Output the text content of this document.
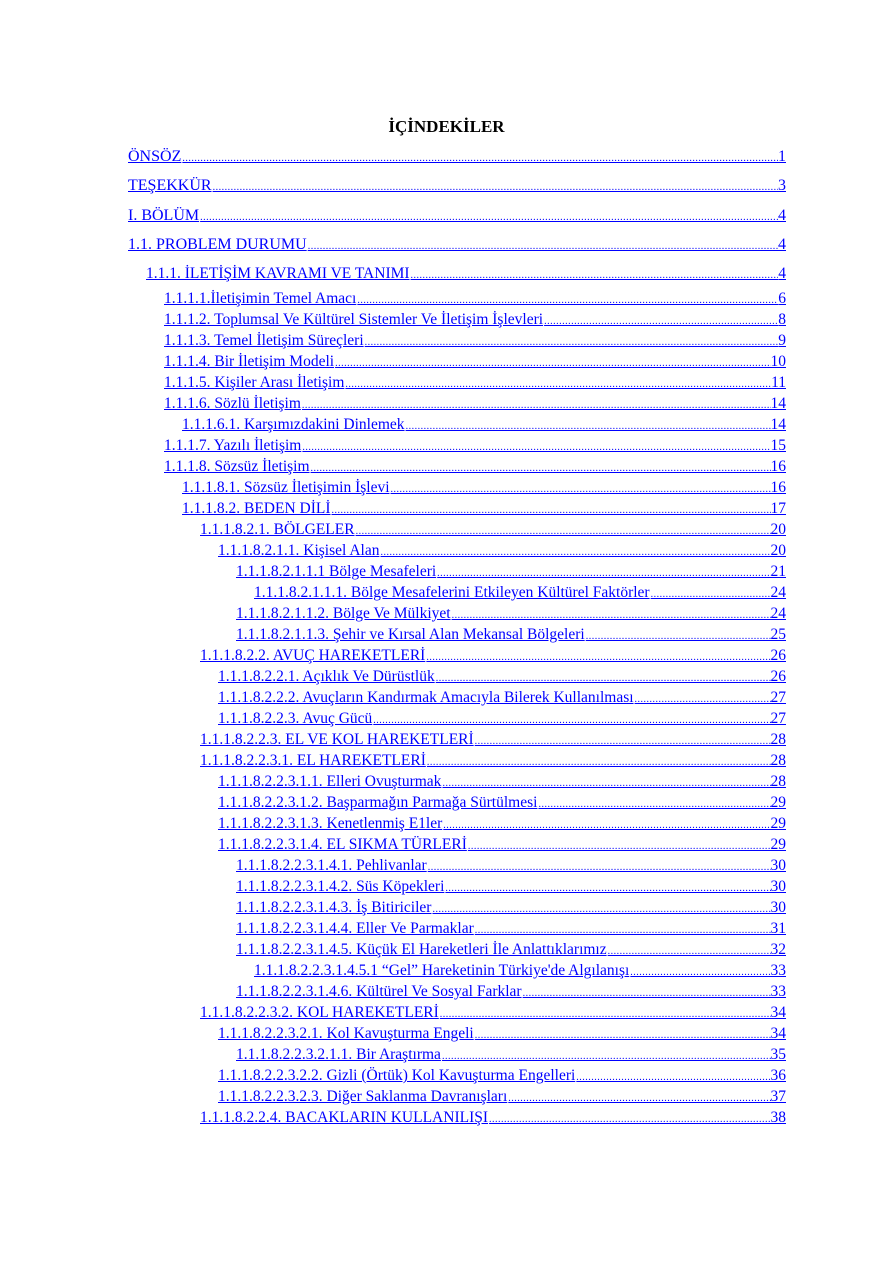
İÇİNDEKİLER
ÖNSÖZ .....	1
TEŞEKKÜR .....	3
I. BÖLÜM .....	4
1.1. PROBLEM DURUMU .....	4
1.1.1. İLETİŞİM KAVRAMI VE TANIMI .....	4
1.1.1.1.İletişimin Temel Amacı .....	6
1.1.1.2. Toplumsal Ve Kültürel Sistemler Ve İletişim İşlevleri .....	8
1.1.1.3. Temel İletişim Süreçleri .....	9
1.1.1.4. Bir İletişim Modeli .....	10
1.1.1.5. Kişiler Arası İletişim .....	11
1.1.1.6. Sözlü İletişim .....	14
1.1.1.6.1. Karşımızdakini Dinlemek .....	14
1.1.1.7. Yazılı İletişim .....	15
1.1.1.8. Sözsüz İletişim .....	16
1.1.1.8.1. Sözsüz İletişimin İşlevi .....	16
1.1.1.8.2. BEDEN DİLİ .....	17
1.1.1.8.2.1. BÖLGELER .....	20
1.1.1.8.2.1.1. Kişisel Alan .....	20
1.1.1.8.2.1.1.1 Bölge Mesafeleri .....	21
1.1.1.8.2.1.1.1. Bölge Mesafelerini Etkileyen Kültürel Faktörler .....	24
1.1.1.8.2.1.1.2. Bölge Ve Mülkiyet .....	24
1.1.1.8.2.1.1.3. Şehir ve Kırsal Alan Mekansal Bölgeleri .....	25
1.1.1.8.2.2. AVUÇ HAREKETLERİ .....	26
1.1.1.8.2.2.1. Açıklık Ve Dürüstlük .....	26
1.1.1.8.2.2.2. Avuçların Kandırmak Amacıyla Bilerek Kullanılması .....	27
1.1.1.8.2.2.3. Avuç Gücü .....	27
1.1.1.8.2.2.3. EL VE KOL HAREKETLERİ .....	28
1.1.1.8.2.2.3.1. EL HAREKETLERİ .....	28
1.1.1.8.2.2.3.1.1. Elleri Ovuşturmak .....	28
1.1.1.8.2.2.3.1.2. Başparmağın Parmağa Sürtülmesi .....	29
1.1.1.8.2.2.3.1.3. Kenetlenmiş E1ler .....	29
1.1.1.8.2.2.3.1.4. EL SIKMA TÜRLERİ .....	29
1.1.1.8.2.2.3.1.4.1. Pehlivanlar .....	30
1.1.1.8.2.2.3.1.4.2. Süs Köpekleri .....	30
1.1.1.8.2.2.3.1.4.3. İş Bitiriciler .....	30
1.1.1.8.2.2.3.1.4.4. Eller Ve Parmaklar .....	31
1.1.1.8.2.2.3.1.4.5. Küçük El Hareketleri İle Anlattıklarımız .....	32
1.1.1.8.2.2.3.1.4.5.1 “Gel” Hareketinin Türkiye'de Algılanışı .....	33
1.1.1.8.2.2.3.1.4.6. Kültürel Ve Sosyal Farklar .....	33
1.1.1.8.2.2.3.2. KOL HAREKETLERİ .....	34
1.1.1.8.2.2.3.2.1. Kol Kavuşturma Engeli .....	34
1.1.1.8.2.2.3.2.1.1. Bir Araştırma .....	35
1.1.1.8.2.2.3.2.2. Gizli (Örtük) Kol Kavuşturma Engelleri .....	36
1.1.1.8.2.2.3.2.3. Diğer Saklanma Davranışları .....	37
1.1.1.8.2.2.4. BACAKLARIN KULLANILIŞI .....	38
